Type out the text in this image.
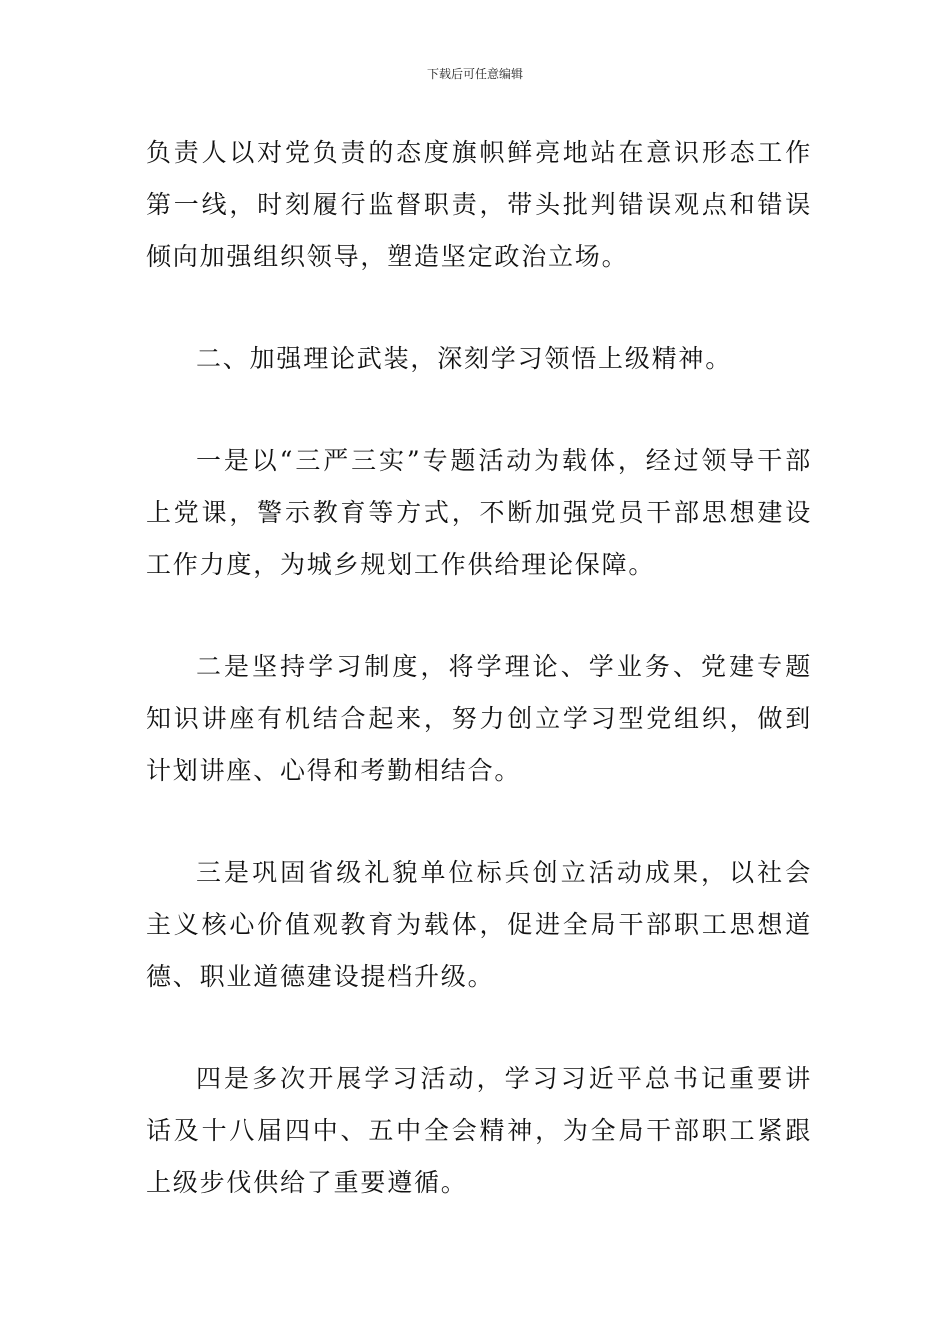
下载后可任意编辑

负责人以对党负责的态度旗帜鲜亮地站在意识形态工作第一线，时刻履行监督职责，带头批判错误观点和错误倾向加强组织领导，塑造坚定政治立场。

二、加强理论武装，深刻学习领悟上级精神。

一是以“三严三实”专题活动为载体，经过领导干部上党课，警示教育等方式，不断加强党员干部思想建设工作力度，为城乡规划工作供给理论保障。

二是坚持学习制度，将学理论、学业务、党建专题知识讲座有机结合起来，努力创立学习型党组织，做到计划讲座、心得和考勤相结合。

三是巩固省级礼貌单位标兵创立活动成果，以社会主义核心价值观教育为载体，促进全局干部职工思想道德、职业道德建设提档升级。

四是多次开展学习活动，学习习近平总书记重要讲话及十八届四中、五中全会精神，为全局干部职工紧跟上级步伐供给了重要遵循。
